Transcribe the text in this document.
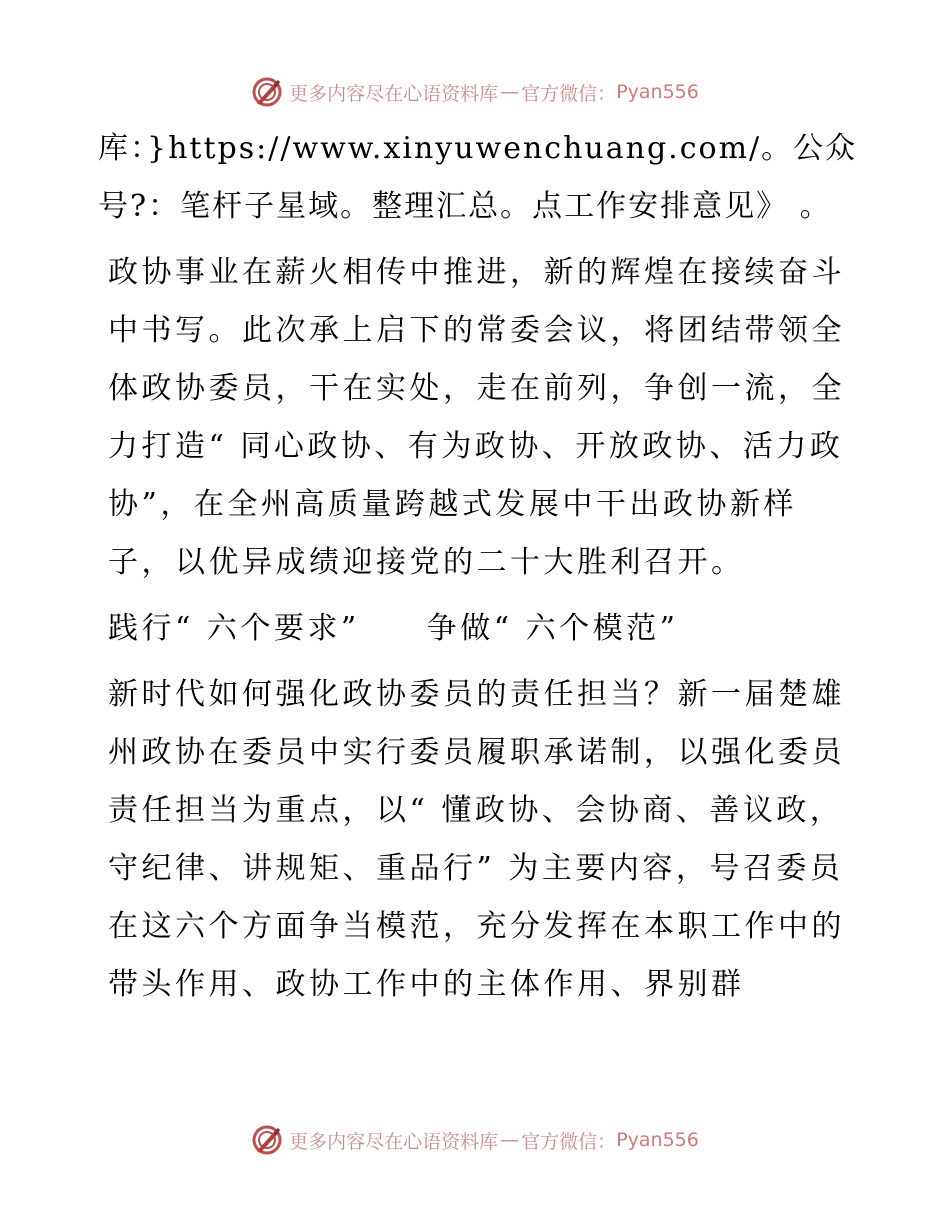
更多内容尽在心语资料库 — 官方微信： Pyan556

库：}https://www.xinyuwenchuang.com/。公众号?：笔杆子星域。整理汇总。点工作安排意见》 。

政协事业在薪火相传中推进，新的辉煌在接续奋斗中书写。此次承上启下的常委会议，将团结带领全体政协委员，干在实处，走在前列，争创一流，全力打造“ 同心政协、有为政协、开放政协、活力政协”，在全州高质量跨越式发展中干出政协新样子，以优异成绩迎接党的二十大胜利召开。

践行“ 六个要求”　　争做“ 六个模范”

新时代如何强化政协委员的责任担当？新一届楚雄州政协在委员中实行委员履职承诺制，以强化委员责任担当为重点，以“ 懂政协、会协商、善议政，守纪律、讲规矩、重品行” 为主要内容，号召委员在这六个方面争当模范，充分发挥在本职工作中的带头作用、政协工作中的主体作用、界别群

更多内容尽在心语资料库 — 官方微信： Pyan556
